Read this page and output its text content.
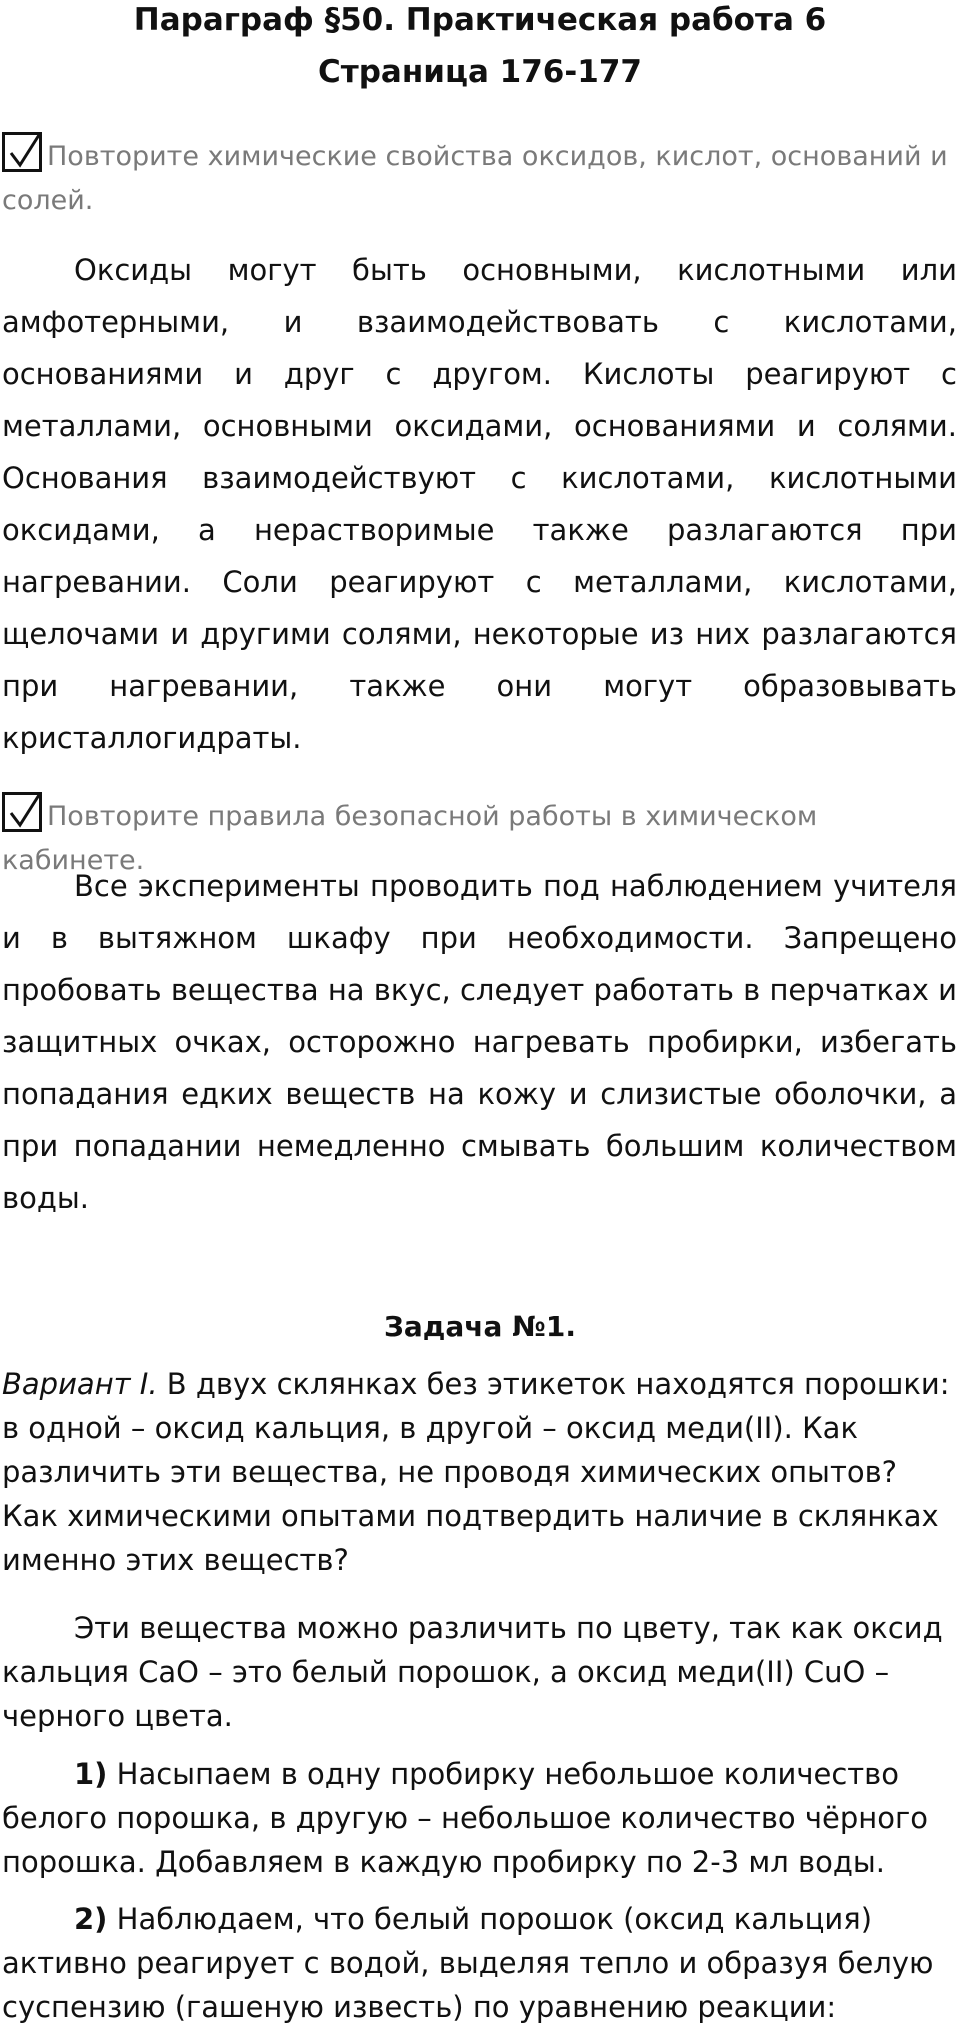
Параграф §50. Практическая работа 6
Страница 176-177
Повторите химические свойства оксидов, кислот, оснований и солей.

Оксиды могут быть основными, кислотными или амфотерными, и взаимодействовать с кислотами, основаниями и друг с другом. Кислоты реагируют с металлами, основными оксидами, основаниями и солями. Основания взаимодействуют с кислотами, кислотными оксидами, а нерастворимые также разлагаются при нагревании. Соли реагируют с металлами, кислотами, щелочами и другими солями, некоторые из них разлагаются при нагревании, также они могут образовывать кристаллогидраты.

Повторите правила безопасной работы в химическом кабинете.

Все эксперименты проводить под наблюдением учителя и в вытяжном шкафу при необходимости. Запрещено пробовать вещества на вкус, следует работать в перчатках и защитных очках, осторожно нагревать пробирки, избегать попадания едких веществ на кожу и слизистые оболочки, а при попадании немедленно смывать большим количеством воды.

Задача №1.

Вариант I. В двух склянках без этикеток находятся порошки: в одной – оксид кальция, в другой – оксид меди(II). Как различить эти вещества, не проводя химических опытов? Как химическими опытами подтвердить наличие в склянках именно этих веществ?

Эти вещества можно различить по цвету, так как оксид кальция CaO – это белый порошок, а оксид меди(II) CuO – черного цвета.

1) Насыпаем в одну пробирку небольшое количество белого порошка, в другую – небольшое количество чёрного порошка. Добавляем в каждую пробирку по 2-3 мл воды.

2) Наблюдаем, что белый порошок (оксид кальция) активно реагирует с водой, выделяя тепло и образуя белую суспензию (гашеную известь) по уравнению реакции:
